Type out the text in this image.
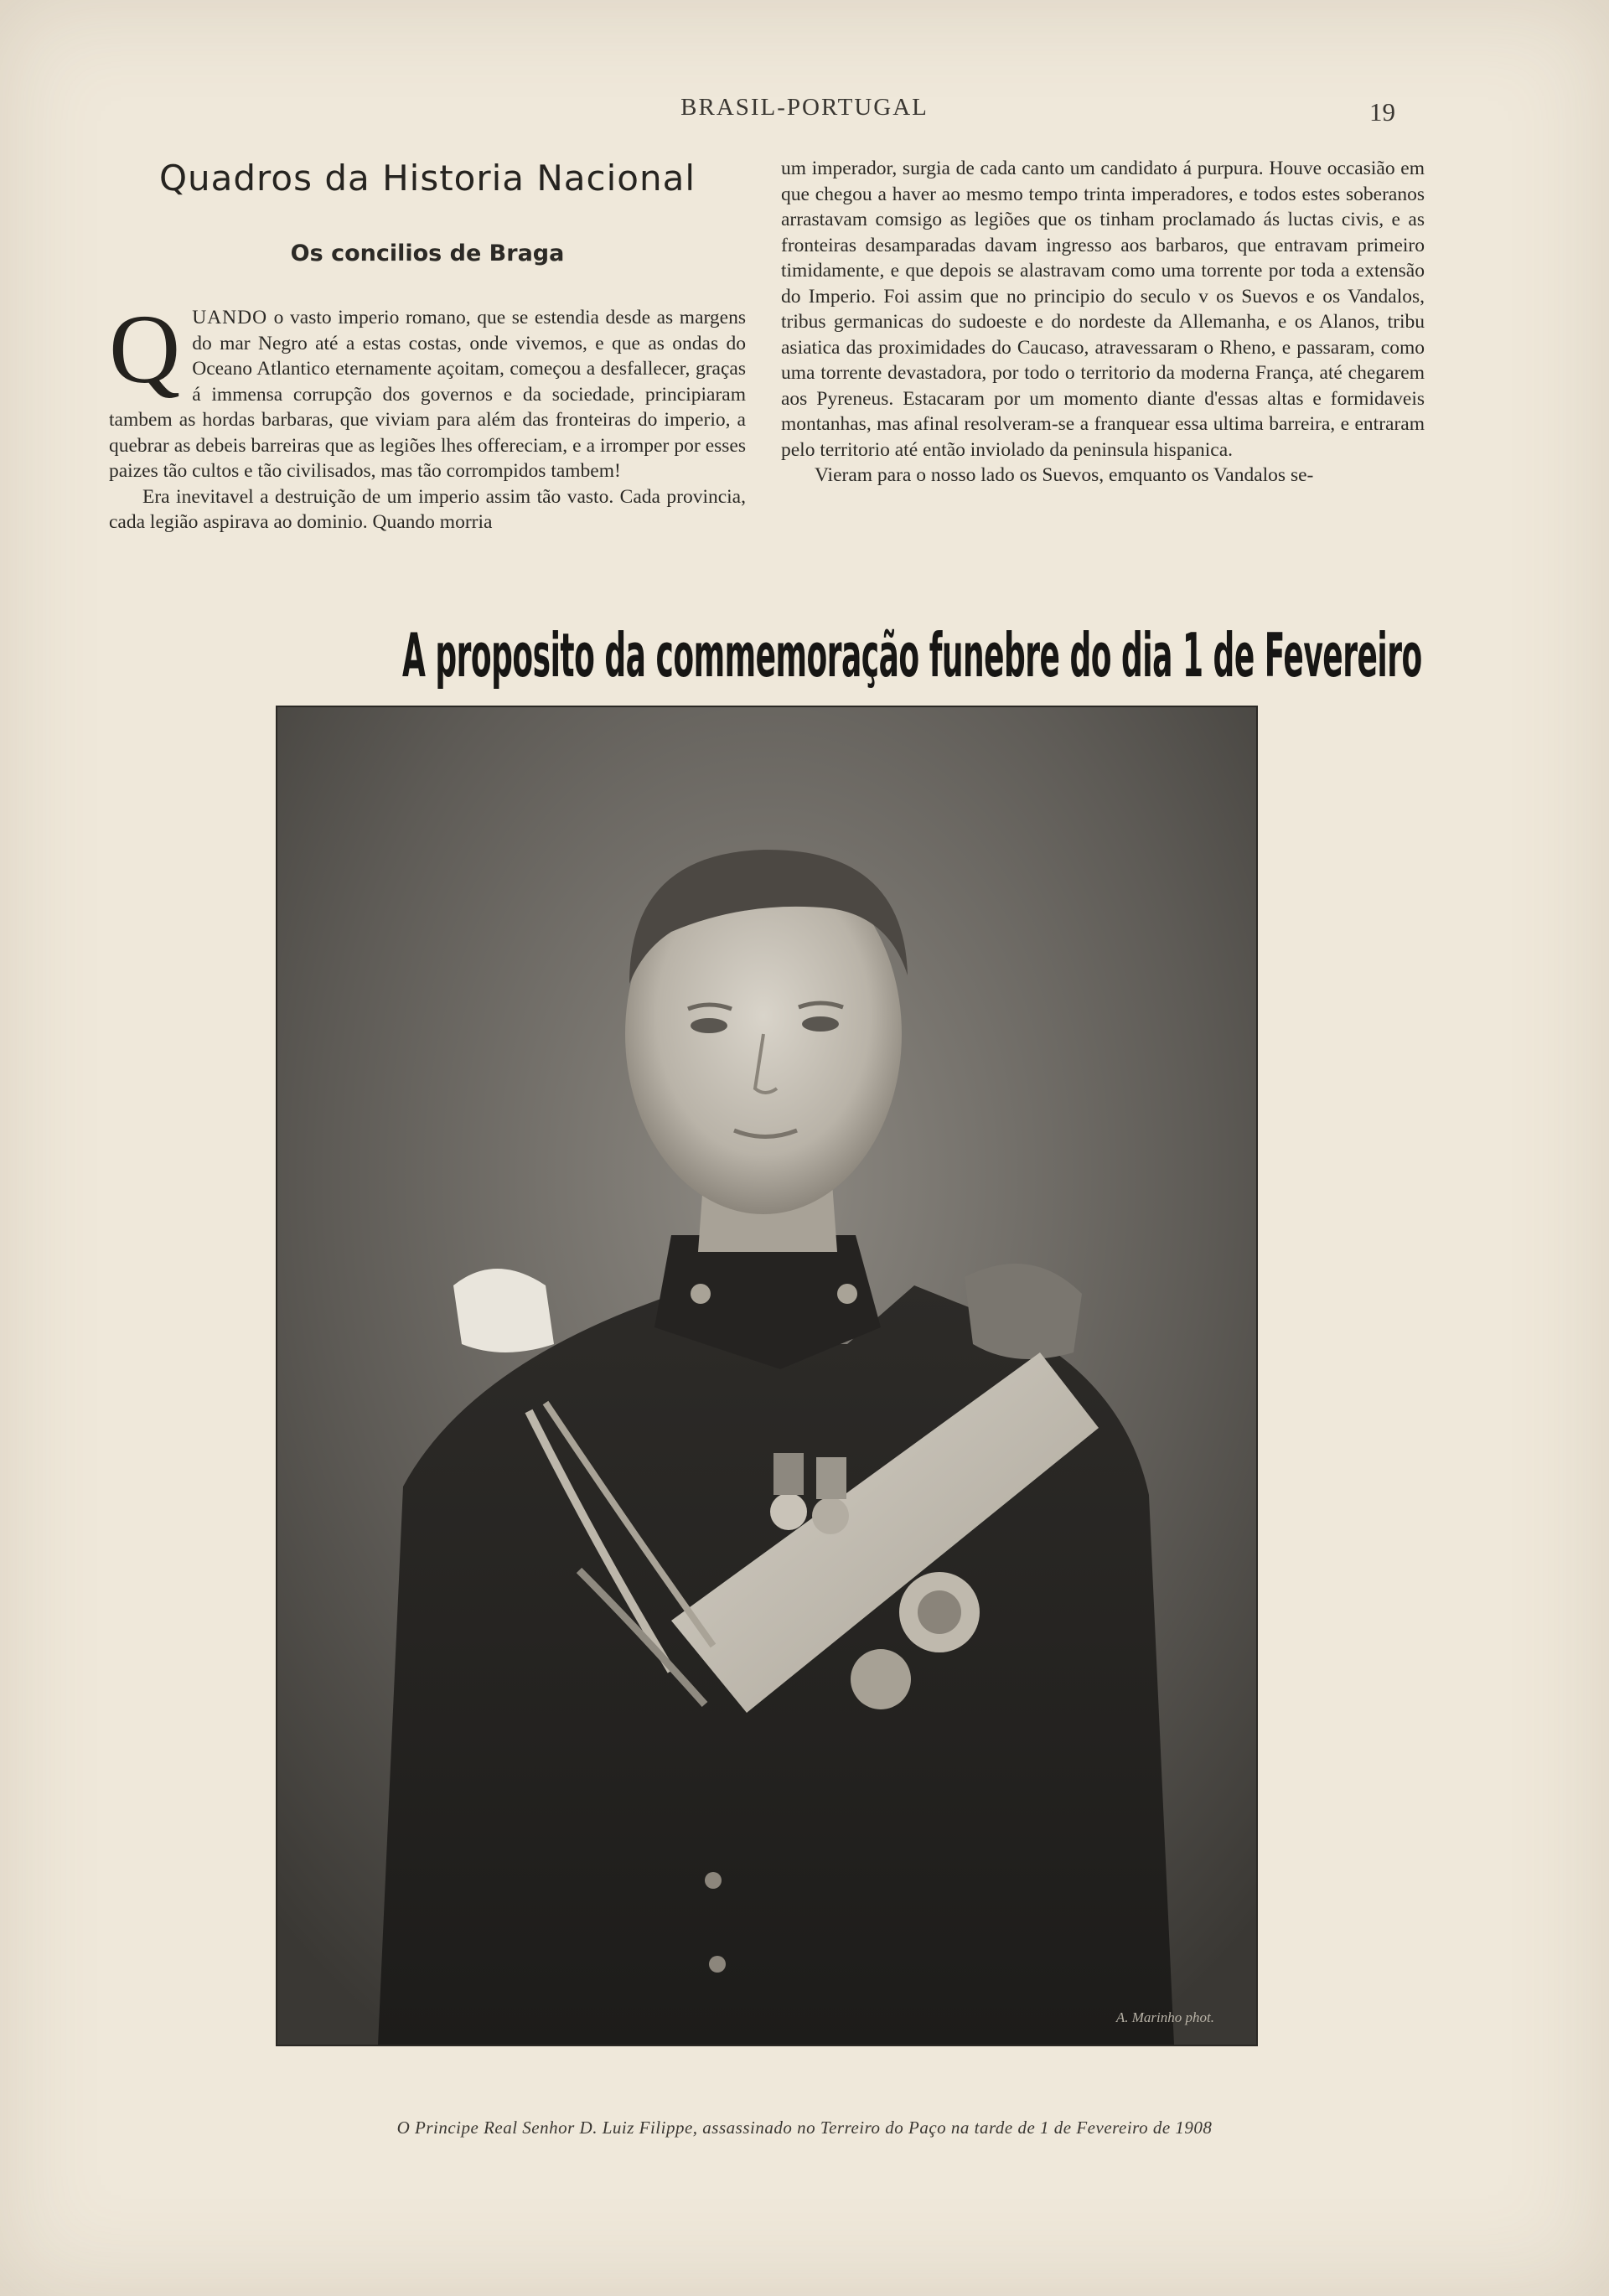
BRASIL-PORTUGAL	19
Quadros da Historia Nacional
Os concilios de Braga

QUANDO o vasto imperio romano, que se estendia desde as margens do mar Negro até a estas costas, onde vivemos, e que as ondas do Oceano Atlantico eternamente açoitam, começou a desfallecer, graças á immensa corrupção dos governos e da sociedade, principiaram tambem as hordas barbaras, que viviam para além das fronteiras do imperio, a quebrar as debeis barreiras que as legiões lhes offereciam, e a irromper por esses paizes tão cultos e tão civilisados, mas tão corrompidos tambem!

Era inevitavel a destruição de um imperio assim tão vasto. Cada provincia, cada legião aspirava ao dominio. Quando morria

um imperador, surgia de cada canto um candidato á purpura. Houve occasião em que chegou a haver ao mesmo tempo trinta imperadores, e todos estes soberanos arrastavam comsigo as legiões que os tinham proclamado ás luctas civis, e as fronteiras desamparadas davam ingresso aos barbaros, que entravam primeiro timidamente, e que depois se alastravam como uma torrente por toda a extensão do Imperio. Foi assim que no principio do seculo v os Suevos e os Vandalos, tribus germanicas do sudoeste e do nordeste da Allemanha, e os Alanos, tribu asiatica das proximidades do Caucaso, atravessaram o Rheno, e passaram, como uma torrente devastadora, por todo o territorio da moderna França, até chegarem aos Pyreneus. Estacaram por um momento diante d'essas altas e formidaveis montanhas, mas afinal resolveram-se a franquear essa ultima barreira, e entraram pelo territorio até então inviolado da peninsula hispanica.

Vieram para o nosso lado os Suevos, emquanto os Vandalos se-

A proposito da commemoração funebre do dia 1 de Fevereiro
A. Marinho phot.
O Principe Real Senhor D. Luiz Filippe, assassinado no Terreiro do Paço na tarde de 1 de Fevereiro de 1908
